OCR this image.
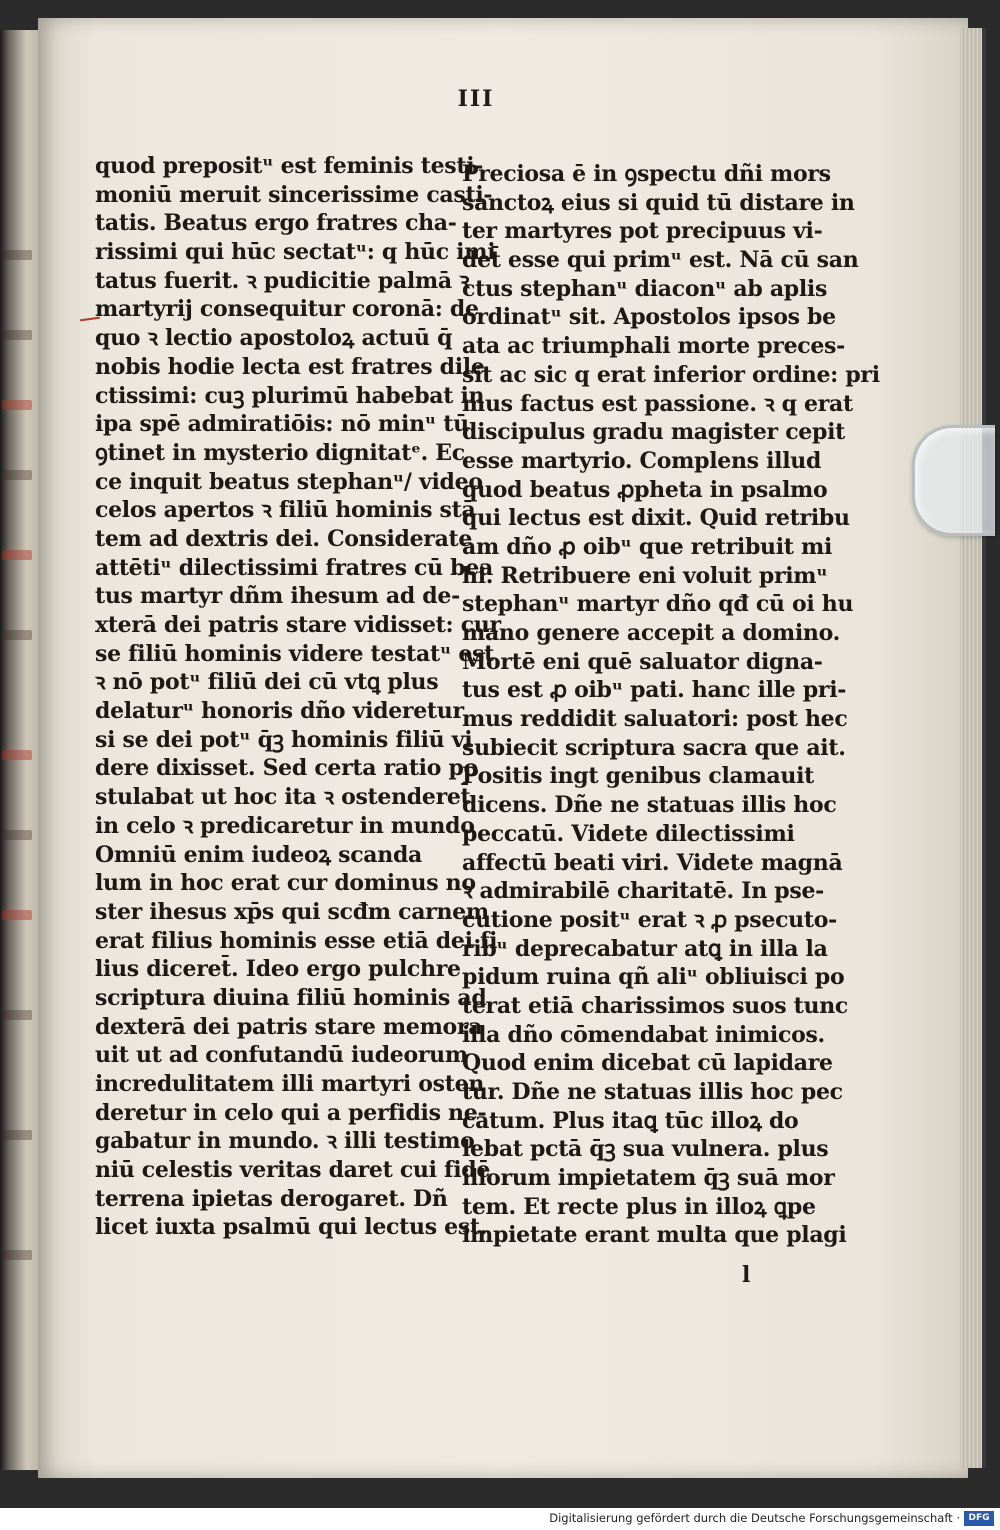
III
quod prepositᵘ est feminis testi-
moniū meruit sincerissime casti-
tatis. Beatus ergo fratres cha-
rissimi qui hūc sectatᵘ: q hūc imi
tatus fuerit. ꝛ pudicitie palmā ꝛ
martyrij consequitur coronā: de
quo ꝛ lectio apostoloꝝ actuū q̄
nobis hodie lecta est fratres dile
ctissimi: cuꝫ plurimū habebat in
ipa spē admiratiōis: nō minᵘ tū
ꝯtinet in mysterio dignitatᵉ. Ec
ce inquit beatus stephanᵘ/ video
celos apertos ꝛ filiū hominis stā
tem ad dextris dei. Considerate
attētiᵘ dilectissimi fratres cū bea
tus martyr dñm ihesum ad de-
xterā dei patris stare vidisset: cur
se filiū hominis videre testatᵘ est
ꝛ nō potᵘ filiū dei cū vtꝗ plus
delaturᵘ honoris dño videretur
si se dei potᵘ q̄ꝫ hominis filiū vi
dere dixisset. Sed certa ratio po
stulabat ut hoc ita ꝛ ostenderet̄
in celo ꝛ predicaretur in mundo
Omniū enim iudeoꝝ scanda
lum in hoc erat cur dominus no
ster ihesus xp̄s qui scđm carnem
erat filius hominis esse etiā dei fi
lius diceret̄. Ideo ergo pulchre
scriptura diuina filiū hominis ad
dexterā dei patris stare memora
uit ut ad confutandū iudeorum
incredulitatem illi martyri osten
deretur in celo qui a perfidis ne-
gabatur in mundo. ꝛ illi testimo
niū celestis veritas daret cui fidē
terrena ipietas derogaret. Dñ
licet iuxta psalmū qui lectus est.
Preciosa ē in ꝯspectu dñi mors
sanctoꝝ eius si quid tū distare in
ter martyres pot precipuus vi-
det̄ esse qui primᵘ est. Nā cū san
ctus stephanᵘ diaconᵘ ab aplis
ordinatᵘ sit. Apostolos ipsos be
ata ac triumphali morte preces-
sit ac sic q erat inferior ordine: pri
mus factus est passione. ꝛ q erat
discipulus gradu magister cepit
esse martyrio. Complens illud
quod beatus ꝓpheta in psalmo
qui lectus est dixit. Quid retribu
am dño ꝓ oibᵘ que retribuit mi
hi. Retribuere eni voluit primᵘ
stephanᵘ martyr dño qđ cū oi hu
mano genere accepit a domino.
Mortē eni quē saluator digna-
tus est ꝓ oibᵘ pati. hanc ille pri-
mus reddidit saluatori: post hec
subiecit scriptura sacra que ait.
Positis ingt genibus clamauit
dicens. Dñe ne statuas illis hoc
peccatū. Videte dilectissimi
affectū beati viri. Videte magnā
ꝛ admirabilē charitatē. In pse-
cutione positᵘ erat ꝛ ꝓ psecuto-
ribᵘ deprecabatur atꝗ in illa la
pidum ruina qñ aliᵘ obliuisci po
terat etiā charissimos suos tunc
illa dño cōmendabat inimicos.
Quod enim dicebat cū lapidare
tur. Dñe ne statuas illis hoc pec
catum. Plus itaꝗ tūc illoꝝ do
lebat pctā q̄ꝫ sua vulnera. plus
illorum impietatem q̄ꝫ suā mor
tem. Et recte plus in illoꝝ ꝗpe
impietate erant multa que plagi
l
Digitalisierung gefördert durch die Deutsche Forschungsgemeinschaft · DFG
